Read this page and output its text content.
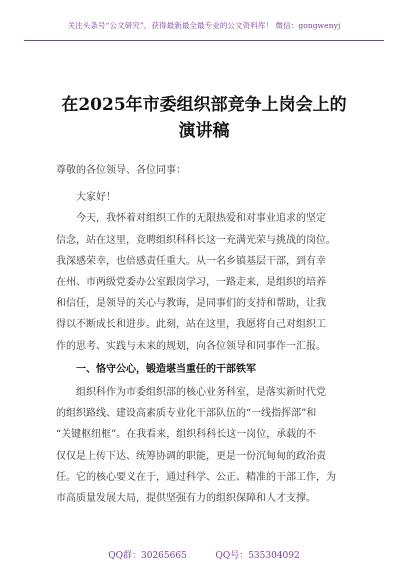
关注头条号“公文研究”，获得最新最全最专业的公文资料库！ 微信：gongwenyj
在2025年市委组织部竞争上岗会上的
演讲稿

尊敬的各位领导、各位同事：

大家好！

今天，我怀着对组织工作的无限热爱和对事业追求的坚定

信念，站在这里，竞聘组织科科长这一充满光荣与挑战的岗位。

我深感荣幸，也倍感责任重大。从一名乡镇基层干部，到有幸

在州、市两级党委办公室跟岗学习，一路走来，是组织的培养

和信任，是领导的关心与教诲，是同事们的支持和帮助，让我

得以不断成长和进步。此刻，站在这里，我愿将自己对组织工

作的思考、实践与未来的规划，向各位领导和同事作一汇报。

一、恪守公心，锻造堪当重任的干部铁军

组织科作为市委组织部的核心业务科室，是落实新时代党

的组织路线、建设高素质专业化干部队伍的“一线指挥部”和

“关键枢纽框”。在我看来，组织科科长这一岗位，承载的不

仅仅是上传下达、统筹协调的职能，更是一份沉甸甸的政治责

任。它的核心要义在于，通过科学、公正、精准的干部工作，为

市高质量发展大局，提供坚强有力的组织保障和人才支撑。

QQ群：30265665	QQ号：535304092
